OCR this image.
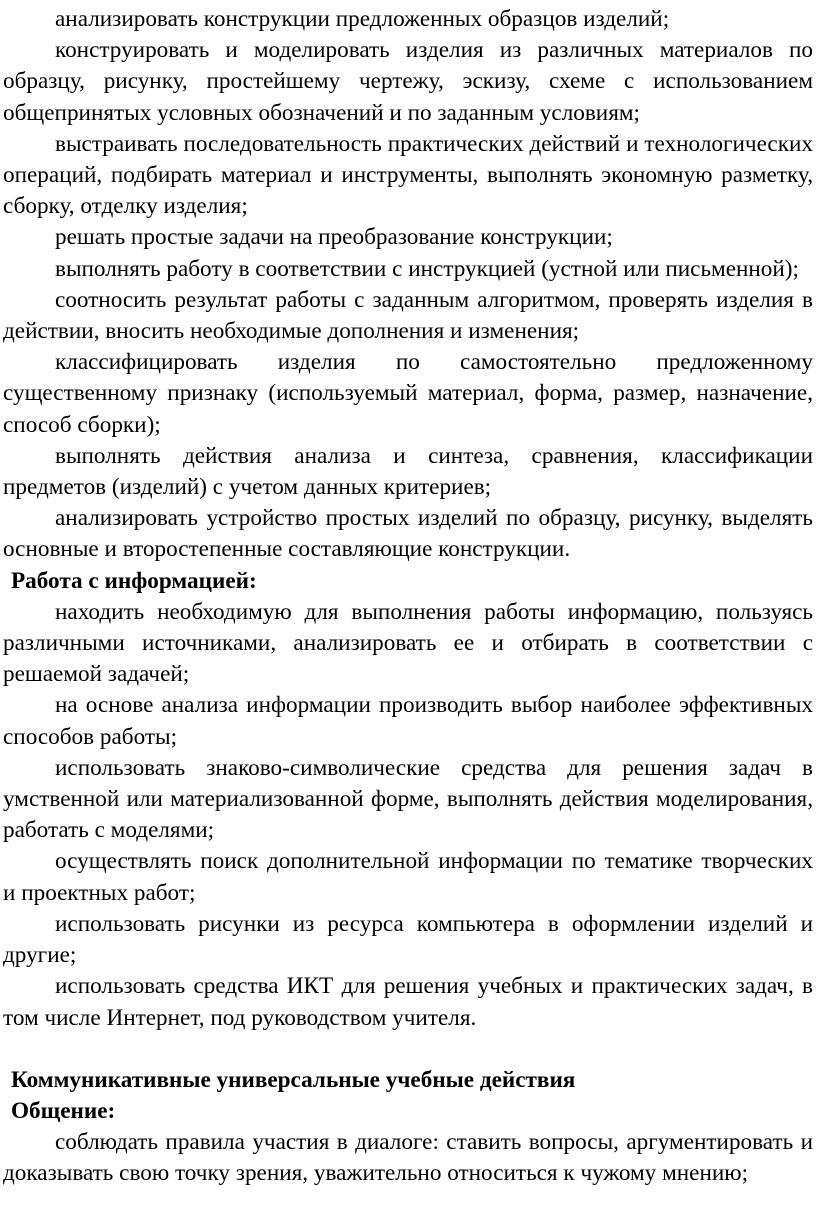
анализировать конструкции предложенных образцов изделий;

конструировать и моделировать изделия из различных материалов по образцу, рисунку, простейшему чертежу, эскизу, схеме с использованием общепринятых условных обозначений и по заданным условиям;

выстраивать последовательность практических действий и технологических операций, подбирать материал и инструменты, выполнять экономную разметку, сборку, отделку изделия;

решать простые задачи на преобразование конструкции;

выполнять работу в соответствии с инструкцией (устной или письменной);

соотносить результат работы с заданным алгоритмом, проверять изделия в действии, вносить необходимые дополнения и изменения;

классифицировать изделия по самостоятельно предложенному существенному признаку (используемый материал, форма, размер, назначение, способ сборки);

выполнять действия анализа и синтеза, сравнения, классификации предметов (изделий) с учетом данных критериев;

анализировать устройство простых изделий по образцу, рисунку, выделять основные и второстепенные составляющие конструкции.

Работа с информацией:

находить необходимую для выполнения работы информацию, пользуясь различными источниками, анализировать ее и отбирать в соответствии с решаемой задачей;

на основе анализа информации производить выбор наиболее эффективных способов работы;

использовать знаково-символические средства для решения задач в умственной или материализованной форме, выполнять действия моделирования, работать с моделями;

осуществлять поиск дополнительной информации по тематике творческих и проектных работ;

использовать рисунки из ресурса компьютера в оформлении изделий и другие;

использовать средства ИКТ для решения учебных и практических задач, в том числе Интернет, под руководством учителя.

Коммуникативные универсальные учебные действия

Общение:

соблюдать правила участия в диалоге: ставить вопросы, аргументировать и доказывать свою точку зрения, уважительно относиться к чужому мнению;
